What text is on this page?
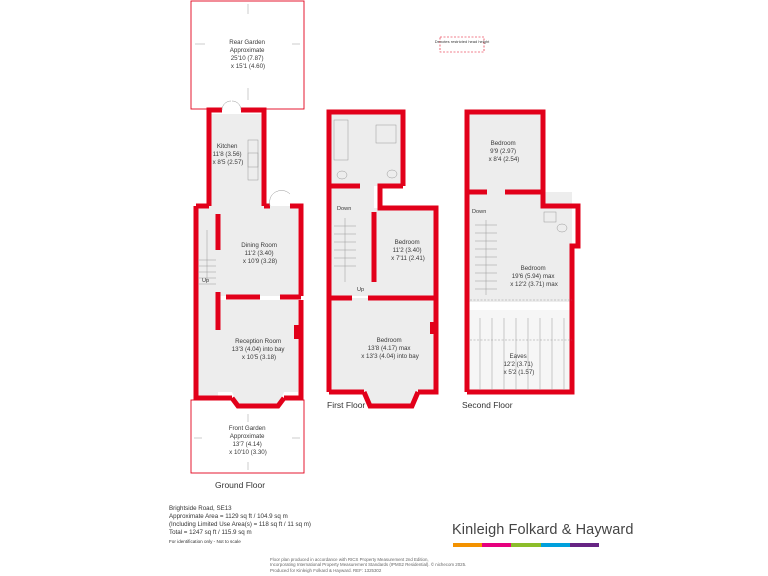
Rear Garden Approximate 25'10 (7.87) x 15'1 (4.60)
Kitchen 11'8 (3.56) x 8'5 (2.57)
Dining Room 11'2 (3.40) x 10'9 (3.28)
Reception Room 13'3 (4.04) into bay x 10'5 (3.18)
Front Garden Approximate 13'7 (4.14) x 10'10 (3.30)
Up
Ground Floor
Bedroom 11'2 (3.40) x 7'11 (2.41)
Bedroom 13'8 (4.17) max x 13'3 (4.04) into bay
Down
Up
First Floor
Denotes restricted head height
Bedroom 9'9 (2.97) x 8'4 (2.54)
Bedroom 19'6 (5.94) max x 12'2 (3.71) max
Eaves 12'2 (3.71) x 5'2 (1.57)
Down
Second Floor
Brightside Road, SE13
Approximate Area = 1129 sq ft / 104.9 sq m
(Including Limited Use Area(s) = 118 sq ft / 11 sq m)
Total = 1247 sq ft / 115.9 sq m
For identification only - Not to scale
Kinleigh Folkard & Hayward
Floor plan produced in accordance with RICS Property Measurement 2nd Edition,
Incorporating International Property Measurement Standards (IPMS2 Residential). © nichecom 2025.
Produced for Kinleigh Folkard & Hayward. REF: 1325302
